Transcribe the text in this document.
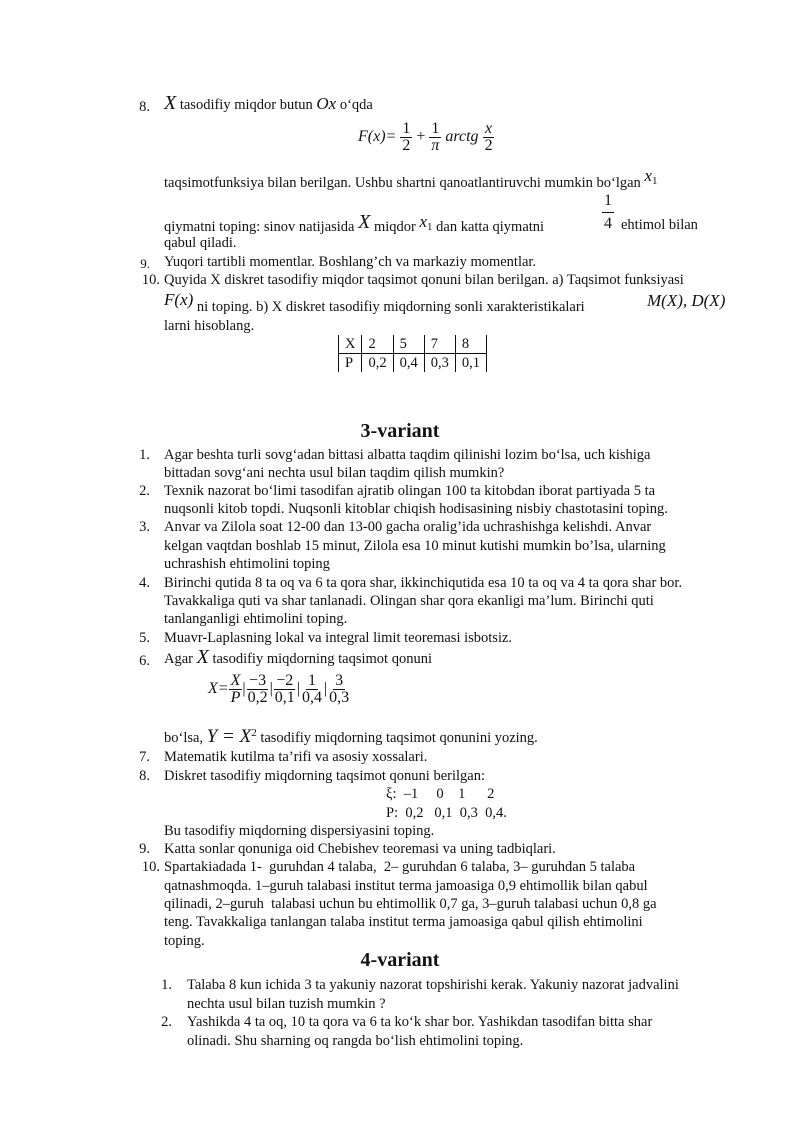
8. X tasodifiy miqdor butun Ox o‘qda
$F(x)= \frac{1}{2} + \frac{1}{\pi}$ arctg $\frac{x}{2}$
taqsimotfunksiya bilan berilgan. Ushbu shartni qanoatlantiruvchi mumkin bo‘lgan $x_1$
qiymatni toping: sinov natijasida X miqdor $x_1$ dan katta qiymatni	$\frac{1}{4}$ ehtimol bilan
qabul qiladi.
9. Yuqori tartibli momentlar. Boshlang’ch va markaziy momentlar.
10. Quyida X diskret tasodifiy miqdor taqsimot qonuni bilan berilgan. a) Taqsimot funksiyasi
F(x) ni toping. b) X diskret tasodifiy miqdorning sonli xarakteristikalari	M(X), D(X)
larni hisoblang.
X	2	5	7	8
P	0,2	0,4	0,3	0,1
3-variant
1. Agar beshta turli sovg‘adan bittasi albatta taqdim qilinishi lozim bo‘lsa, uch kishiga
bittadan sovg‘ani nechta usul bilan taqdim qilish mumkin?
2. Texnik nazorat bo‘limi tasodifan ajratib olingan 100 ta kitobdan iborat partiyada 5 ta
nuqsonli kitob topdi. Nuqsonli kitoblar chiqish hodisasining nisbiy chastotasini toping.
3. Anvar va Zilola soat 12-00 dan 13-00 gacha oralig’ida uchrashishga kelishdi. Anvar
kelgan vaqtdan boshlab 15 minut, Zilola esa 10 minut kutishi mumkin bo’lsa, ularning
uchrashish ehtimolini toping
4. Birinchi qutida 8 ta oq va 6 ta qora shar, ikkinchiqutida esa 10 ta oq va 4 ta qora shar bor.
Tavakkaliga quti va shar tanlanadi. Olingan shar qora ekanligi ma’lum. Birinchi quti
tanlanganligi ehtimolini toping.
5. Muavr-Laplasning lokal va integral limit teoremasi isbotsiz.
6. Agar X tasodifiy miqdorning taqsimot qonuni
$X= \frac{X}{P}$ | $\frac{-3}{0,2}$ | $\frac{-2}{0,1}$ | $\frac{1}{0,4}$ | $\frac{3}{0,3}$
bo‘lsa, $Y = X^2$ tasodifiy miqdorning taqsimot qonunini yozing.
7. Matematik kutilma ta’rifi va asosiy xossalari.
8. Diskret tasodifiy miqdorning taqsimot qonuni berilgan:
ξ:  –1     0    1      2
P:  0,2   0,1  0,3  0,4.
Bu tasodifiy miqdorning dispersiyasini toping.
9. Katta sonlar qonuniga oid Chebishev teoremasi va uning tadbiqlari.
10. Spartakiadada 1-  guruhdan 4 talaba,  2– guruhdan 6 talaba, 3– guruhdan 5 talaba
qatnashmoqda. 1–guruh talabasi institut terma jamoasiga 0,9 ehtimollik bilan qabul
qilinadi, 2–guruh  talabasi uchun bu ehtimollik 0,7 ga, 3–guruh talabasi uchun 0,8 ga
teng. Tavakkaliga tanlangan talaba institut terma jamoasiga qabul qilish ehtimolini
toping.
4-variant
1. Talaba 8 kun ichida 3 ta yakuniy nazorat topshirishi kerak. Yakuniy nazorat jadvalini
nechta usul bilan tuzish mumkin ?
2. Yashikda 4 ta oq, 10 ta qora va 6 ta ko‘k shar bor. Yashikdan tasodifan bitta shar
olinadi. Shu sharning oq rangda bo‘lish ehtimolini toping.
